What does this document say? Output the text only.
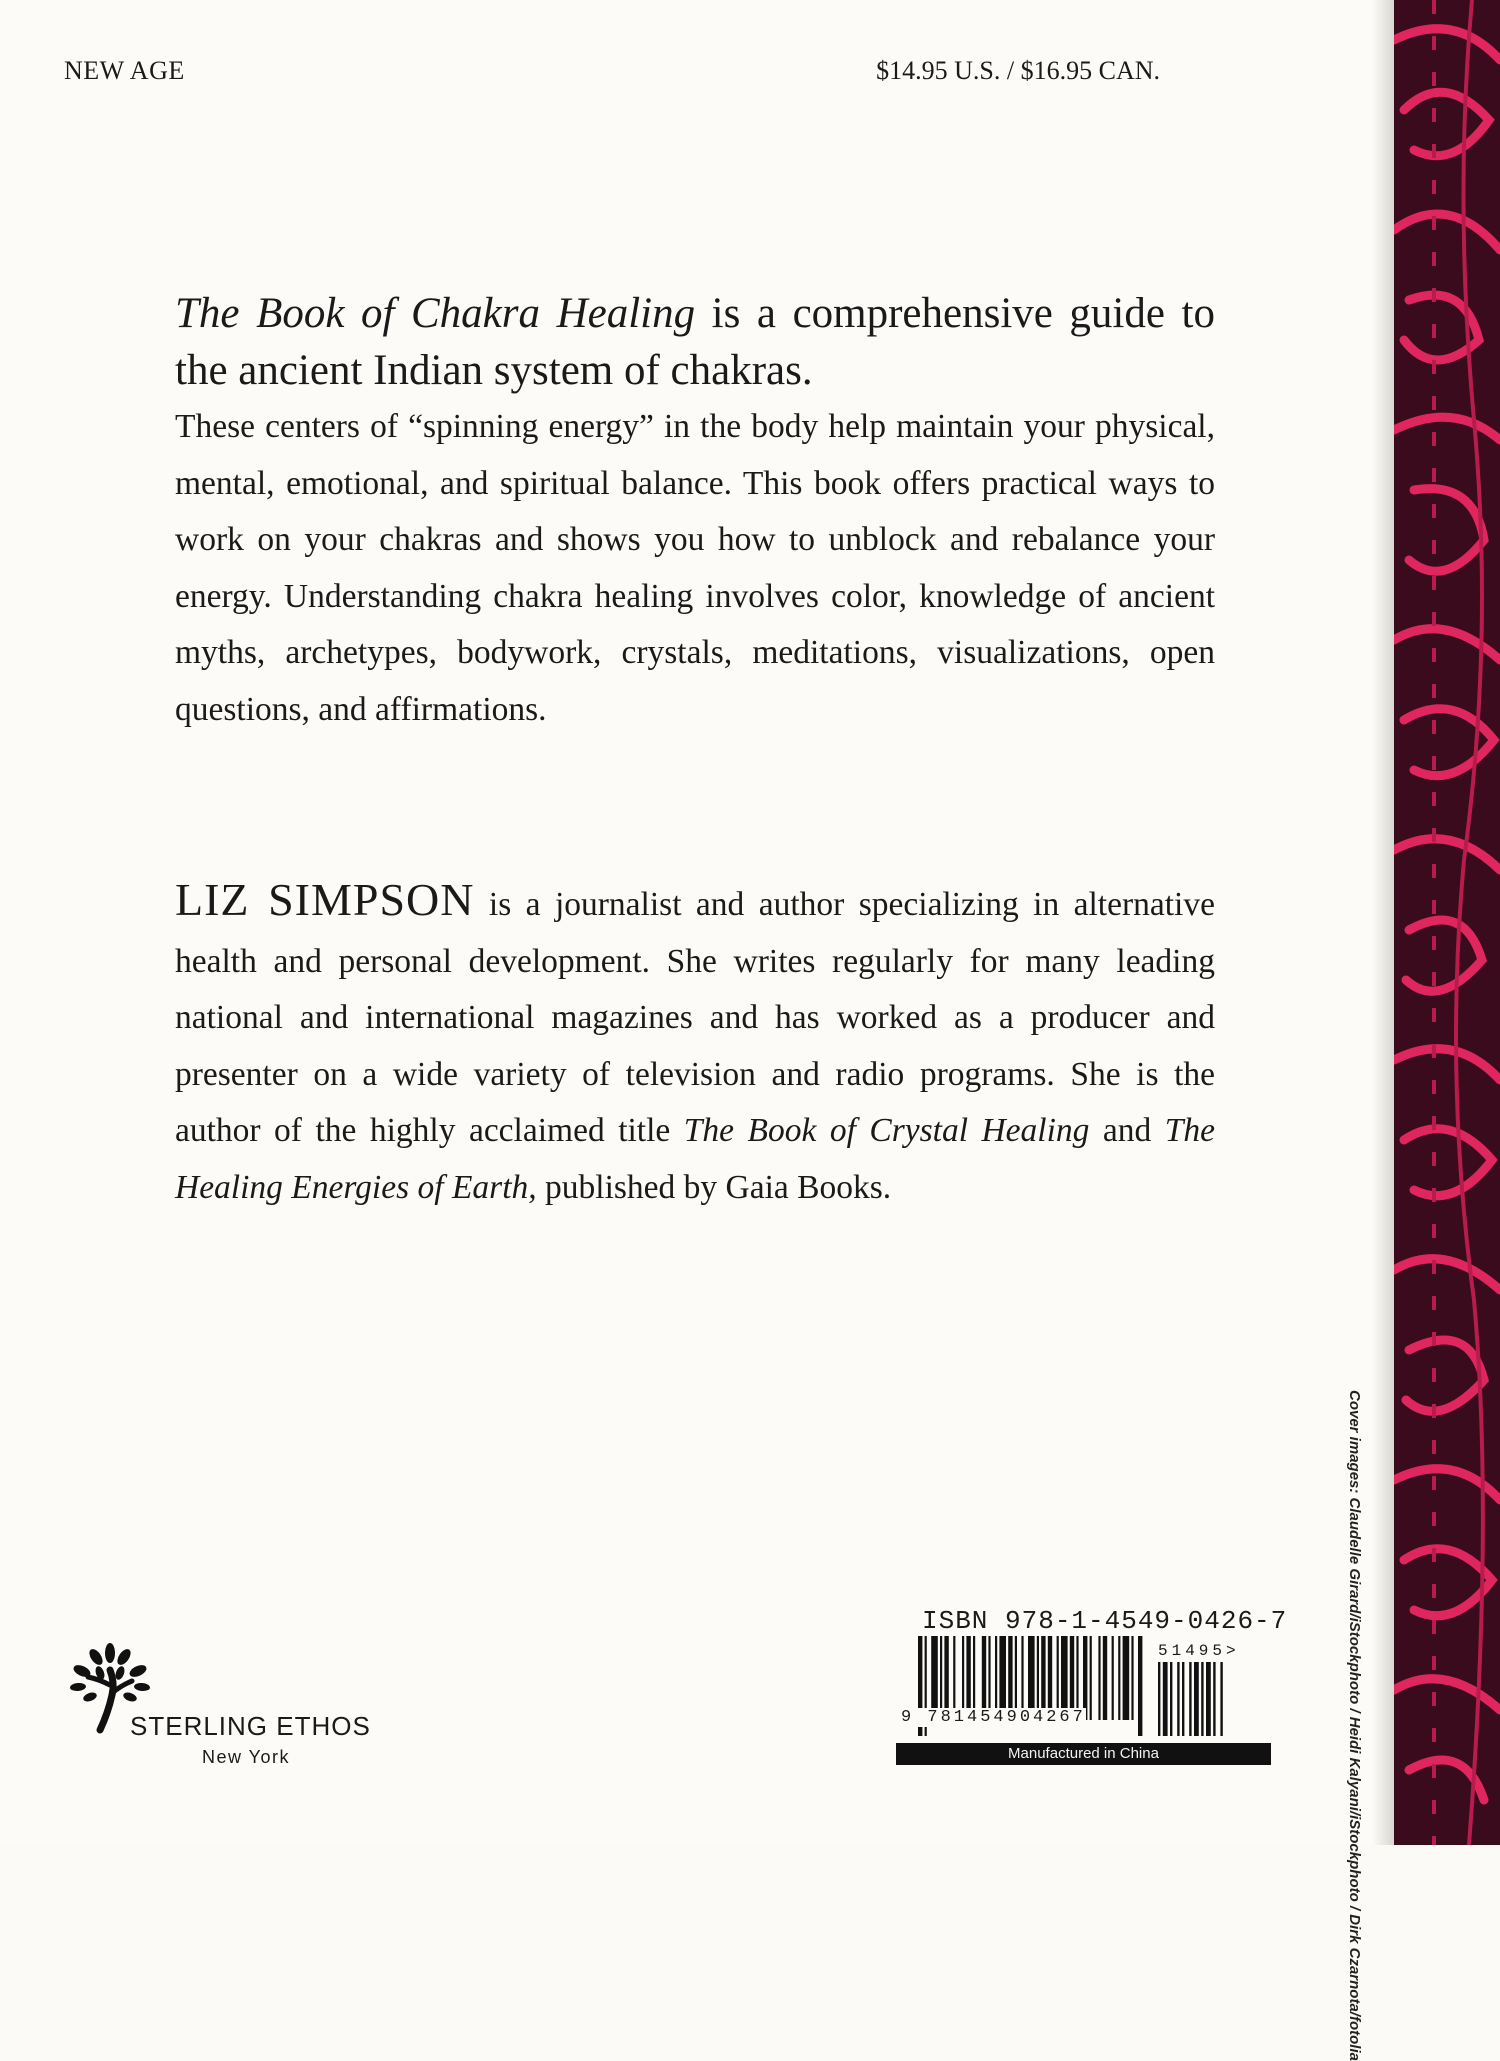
NEW AGE	$14.95 U.S. / $16.95 CAN.

The Book of Chakra Healing is a comprehensive guide to the ancient Indian system of chakras.

These centers of “spinning energy” in the body help maintain your physical, mental, emotional, and spiritual balance. This book offers practical ways to work on your chakras and shows you how to unblock and rebalance your energy. Understanding chakra healing involves color, knowledge of ancient myths, archetypes, bodywork, crystals, meditations, visualizations, open questions, and affirmations.

LIZ SIMPSON is a journalist and author specializing in alternative health and personal development. She writes regularly for many leading national and international magazines and has worked as a producer and presenter on a wide variety of television and radio programs. She is the author of the highly acclaimed title The Book of Crystal Healing and The Healing Energies of Earth, published by Gaia Books.

STERLING ETHOS
New York
ISBN 978-1-4549-0426-7
9 781454904267
51495>
Manufactured in China	Cover images: Claudelle Girard/iStockphoto / Heidi Kalyani/iStockphoto / Dirk Czarnota/fotolia
